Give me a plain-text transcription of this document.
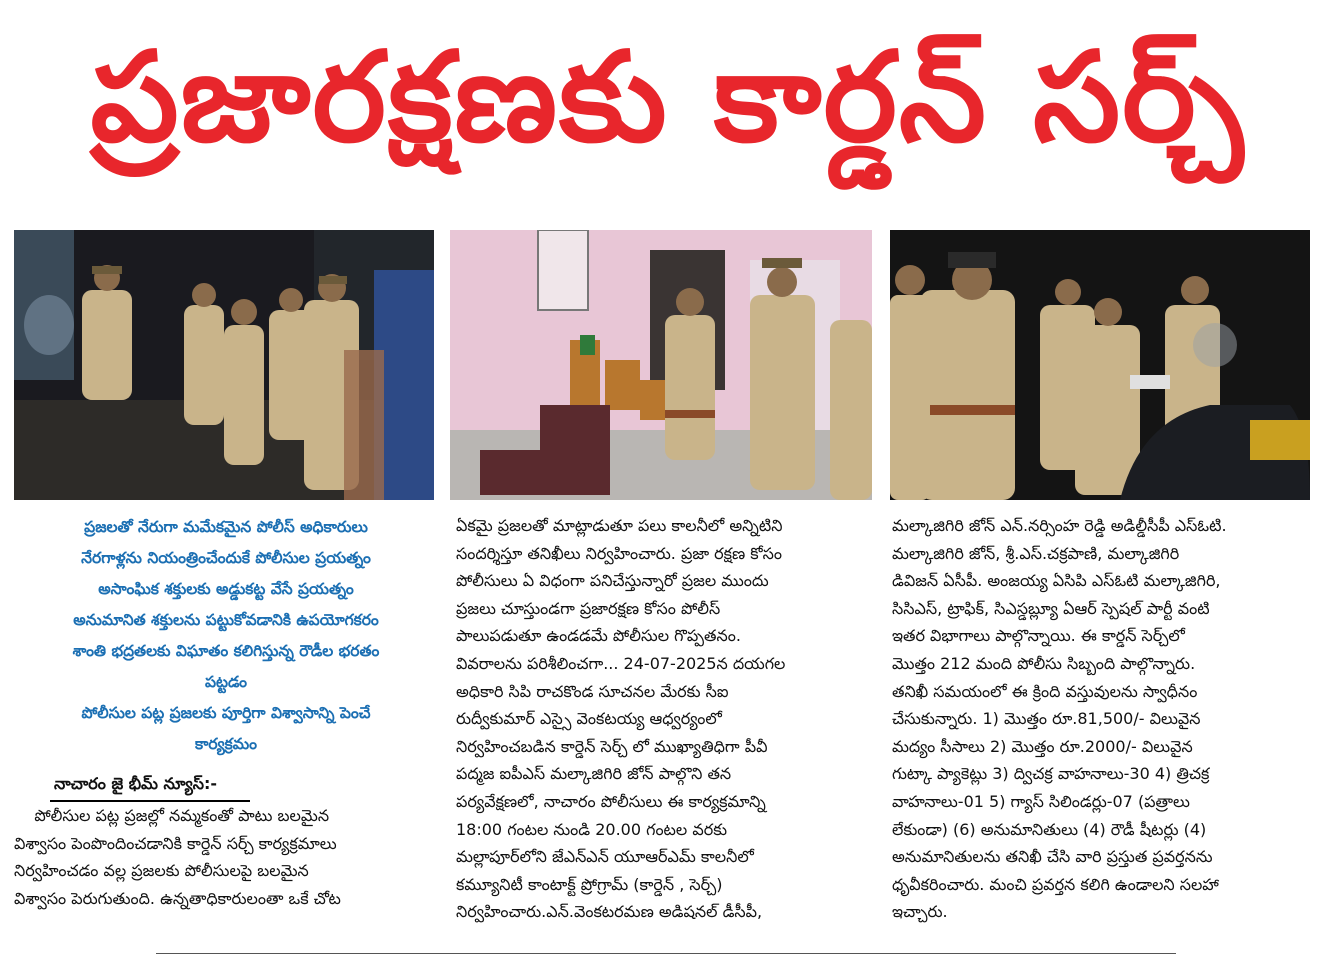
ప్రజారక్షణకు కార్డన్ సర్చ్

ప్రజలతో నేరుగా మమేకమైన పోలీస్ అధికారులు

నేరగాళ్లను నియంత్రించేందుకే పోలీసుల ప్రయత్నం

అసాంఘిక శక్తులకు అడ్డుకట్ట వేసే ప్రయత్నం

అనుమానిత శక్తులను పట్టుకోవడానికి ఉపయోగకరం

శాంతి భద్రతలకు విఘాతం కలిగిస్తున్న రౌడీల భరతం

పట్టడం

పోలీసుల పట్ల ప్రజలకు పూర్తిగా విశ్వాసాన్ని పెంచే

కార్యక్రమం

నాచారం జై భీమ్ న్యూస్:-

పోలీసుల పట్ల ప్రజల్లో నమ్మకంతో పాటు బలమైన

విశ్వాసం పెంపొందించడానికి కార్డెన్ సర్చ్ కార్యక్రమాలు

నిర్వహించడం వల్ల ప్రజలకు పోలీసులపై బలమైన

విశ్వాసం పెరుగుతుంది. ఉన్నతాధికారులంతా ఒకే చోట

ఏకమై ప్రజలతో మాట్లాడుతూ పలు కాలనీలో అన్నిటిని

సందర్శిస్తూ తనిఖీలు నిర్వహించారు. ప్రజా రక్షణ కోసం

పోలీసులు ఏ విధంగా పనిచేస్తున్నారో ప్రజల ముందు

ప్రజలు చూస్తుండగా ప్రజారక్షణ కోసం పోలీస్

పాలుపడుతూ ఉండడమే పోలీసుల గొప్పతనం.

వివరాలను పరిశీలించగా... 24-07-2025న దయగల

అధికారి సిపి రాచకొండ సూచనల మేరకు సీఐ

రుద్వీకుమార్ ఎస్సై వెంకటయ్య ఆధ్వర్యంలో

నిర్వహించబడిన కార్డెన్ సెర్చ్ లో ముఖ్యాతిధిగా పీవీ

పద్మజ ఐపీఎస్ మల్కాజిగిరి జోన్ పాల్గొని తన

పర్యవేక్షణలో, నాచారం పోలీసులు ఈ కార్యక్రమాన్ని

18:00 గంటల నుండి 20.00 గంటల వరకు

మల్లాపూర్‌లోని జేఎన్ఎన్ యూఆర్ఎమ్ కాలనీలో

కమ్యూనిటీ కాంటాక్ట్ ప్రోగ్రామ్ (కార్డెన్ , సెర్చ్)

నిర్వహించారు.ఎన్.వెంకటరమణ అడిషనల్ డీసీపీ,

మల్కాజిగిరి జోన్ ఎన్.నర్సింహ రెడ్డి అడిల్డీసీపీ ఎస్ఓటి.

మల్కాజిగిరి జోన్, శ్రీ.ఎస్.చక్రపాణి, మల్కాజిగిరి

డివిజన్ ఏసీపీ. అంజయ్య ఏసిపి ఎస్ఓటి మల్కాజిగిరి,

సిసిఎస్, ట్రాఫిక్, సిఎస్డబ్ల్యూ ఏఆర్ స్పెషల్ పార్టీ వంటి

ఇతర విభాగాలు పాల్గొన్నాయి. ఈ కార్డన్ సెర్చ్‌లో

మొత్తం 212 మంది పోలీసు సిబ్బంది పాల్గొన్నారు.

తనిఖీ సమయంలో ఈ క్రింది వస్తువులను స్వాధీనం

చేసుకున్నారు. 1) మొత్తం రూ.81,500/- విలువైన

మద్యం సీసాలు 2) మొత్తం రూ.2000/- విలువైన

గుట్కా ప్యాకెట్లు 3) ద్విచక్ర వాహనాలు-30 4) త్రిచక్ర

వాహనాలు-01 5) గ్యాస్ సిలిండర్లు-07 (పత్రాలు

లేకుండా) (6) అనుమానితులు (4) రౌడీ షీటర్లు (4)

అనుమానితులను తనిఖీ చేసి వారి ప్రస్తుత ప్రవర్తనను

ధృవీకరించారు. మంచి ప్రవర్తన కలిగి ఉండాలని సలహా

ఇచ్చారు.
